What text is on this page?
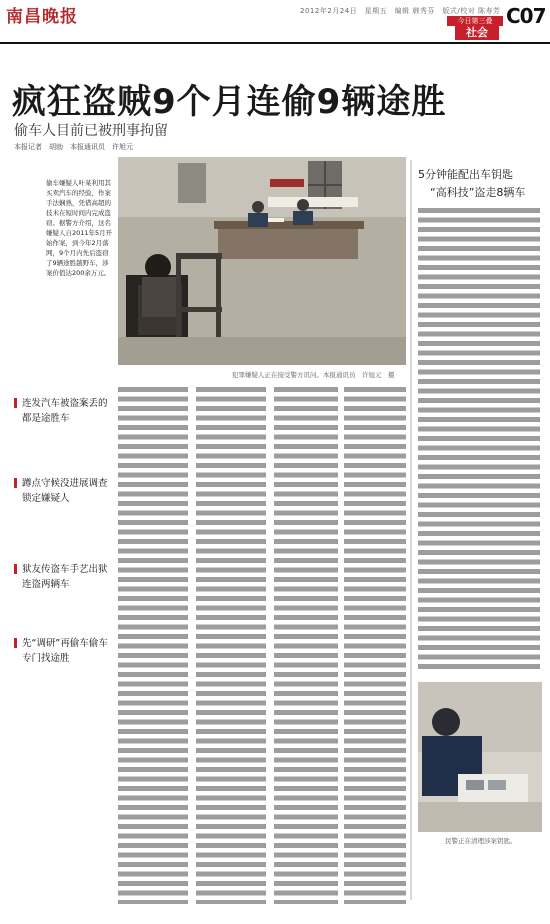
南昌晚报	2012年2月24日　星期五　编辑 韩秀芬　版式/校对 陈寿芳
今日第三叠
社会
C07
疯狂盗贼9个月连偷9辆途胜
偷车人目前已被刑事拘留
本报记者　胡勍　本报通讯员　许旭元
偷车嫌疑人叶某利用其买卖汽车的经验，作案手法娴熟，凭借高超的技术在短时间内完成盗窃。据警方介绍，这名嫌疑人自2011年5月开始作案，到今年2月落网，9个月内先后盗窃了9辆途胜越野车，涉案价值达200余万元。
犯罪嫌疑人正在接受警方讯问。本报通讯员　许旭元　摄
连发汽车被盗案丢的都是途胜车
蹲点守候没进展调查锁定嫌疑人
狱友传盗车手艺出狱连盗两辆车
先“调研”再偷车偷车专门找途胜
5分钟能配出车钥匙
“高科技”盗走8辆车
民警正在清理涉案钥匙。
